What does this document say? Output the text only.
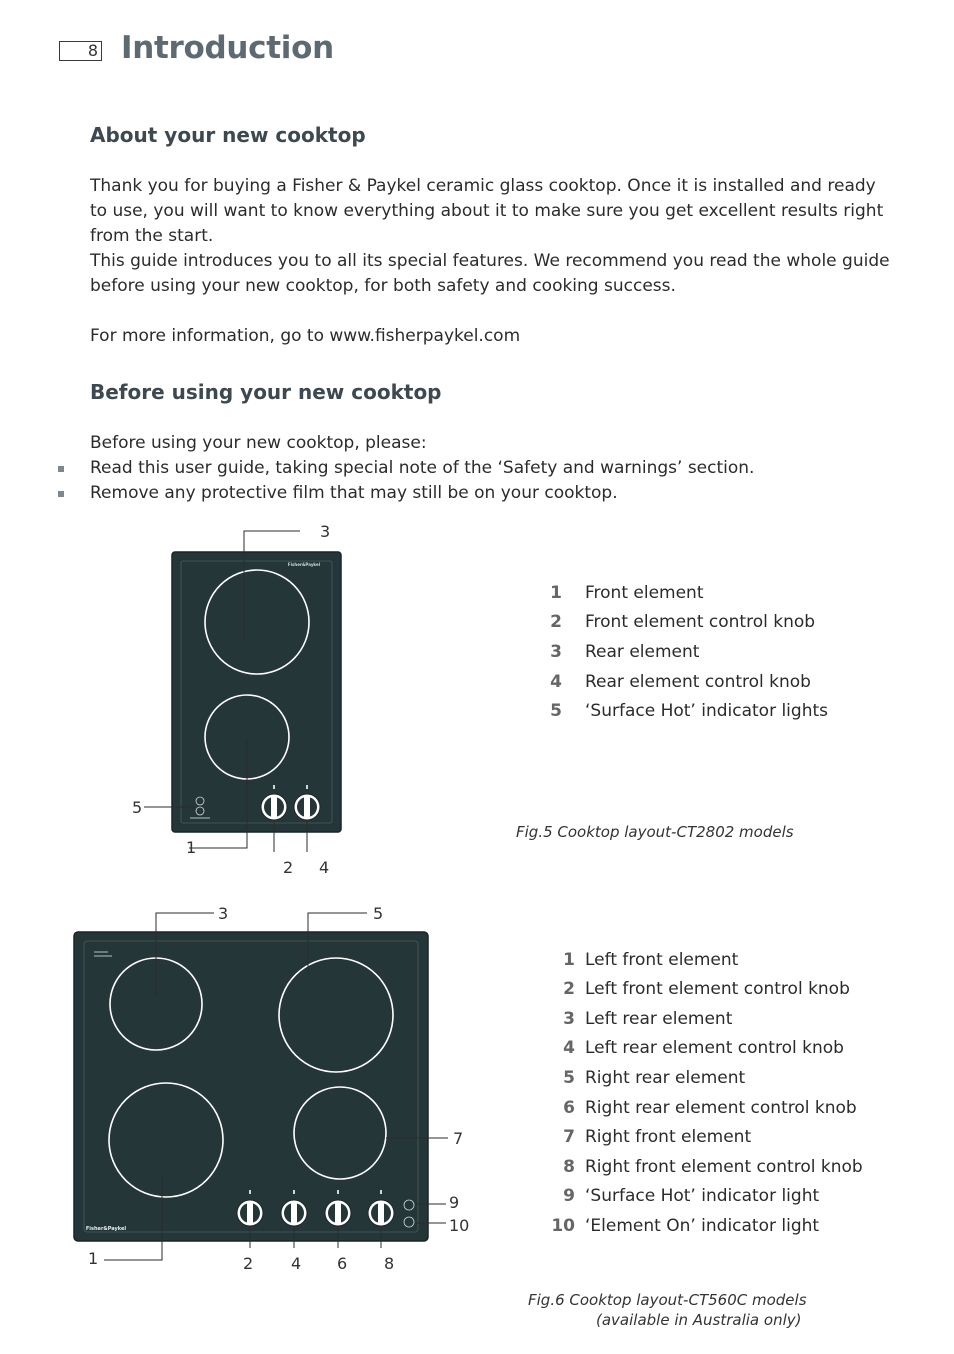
8 Introduction
About your new cooktop

Thank you for buying a Fisher & Paykel ceramic glass cooktop. Once it is installed and ready to use, you will want to know everything about it to make sure you get excellent results right from the start.

This guide introduces you to all its special features. We recommend you read the whole guide before using your new cooktop, for both safety and cooking success.

For more information, go to www.fisherpaykel.com

Before using your new cooktop

Before using your new cooktop, please:

Read this user guide, taking special note of the ‘Safety and warnings’ section.

Remove any protective film that may still be on your cooktop.

Fisher&Paykel
Fisher&Paykel
3
5
1
2 4
1 Front element
2 Front element control knob
3 Rear element
4 Rear element control knob
5 ‘Surface Hot’ indicator lights
Fig.5 Cooktop layout-CT2802 models
3	5
7
9
10
1	2 4 6 8
1 Left front element
2 Left front element control knob
3 Left rear element
4 Left rear element control knob
5 Right rear element
6 Right rear element control knob
7 Right front element
8 Right front element control knob
9 ‘Surface Hot’ indicator light
10 ‘Element On’ indicator light
Fig.6 Cooktop layout-CT560C models
(available in Australia only)
